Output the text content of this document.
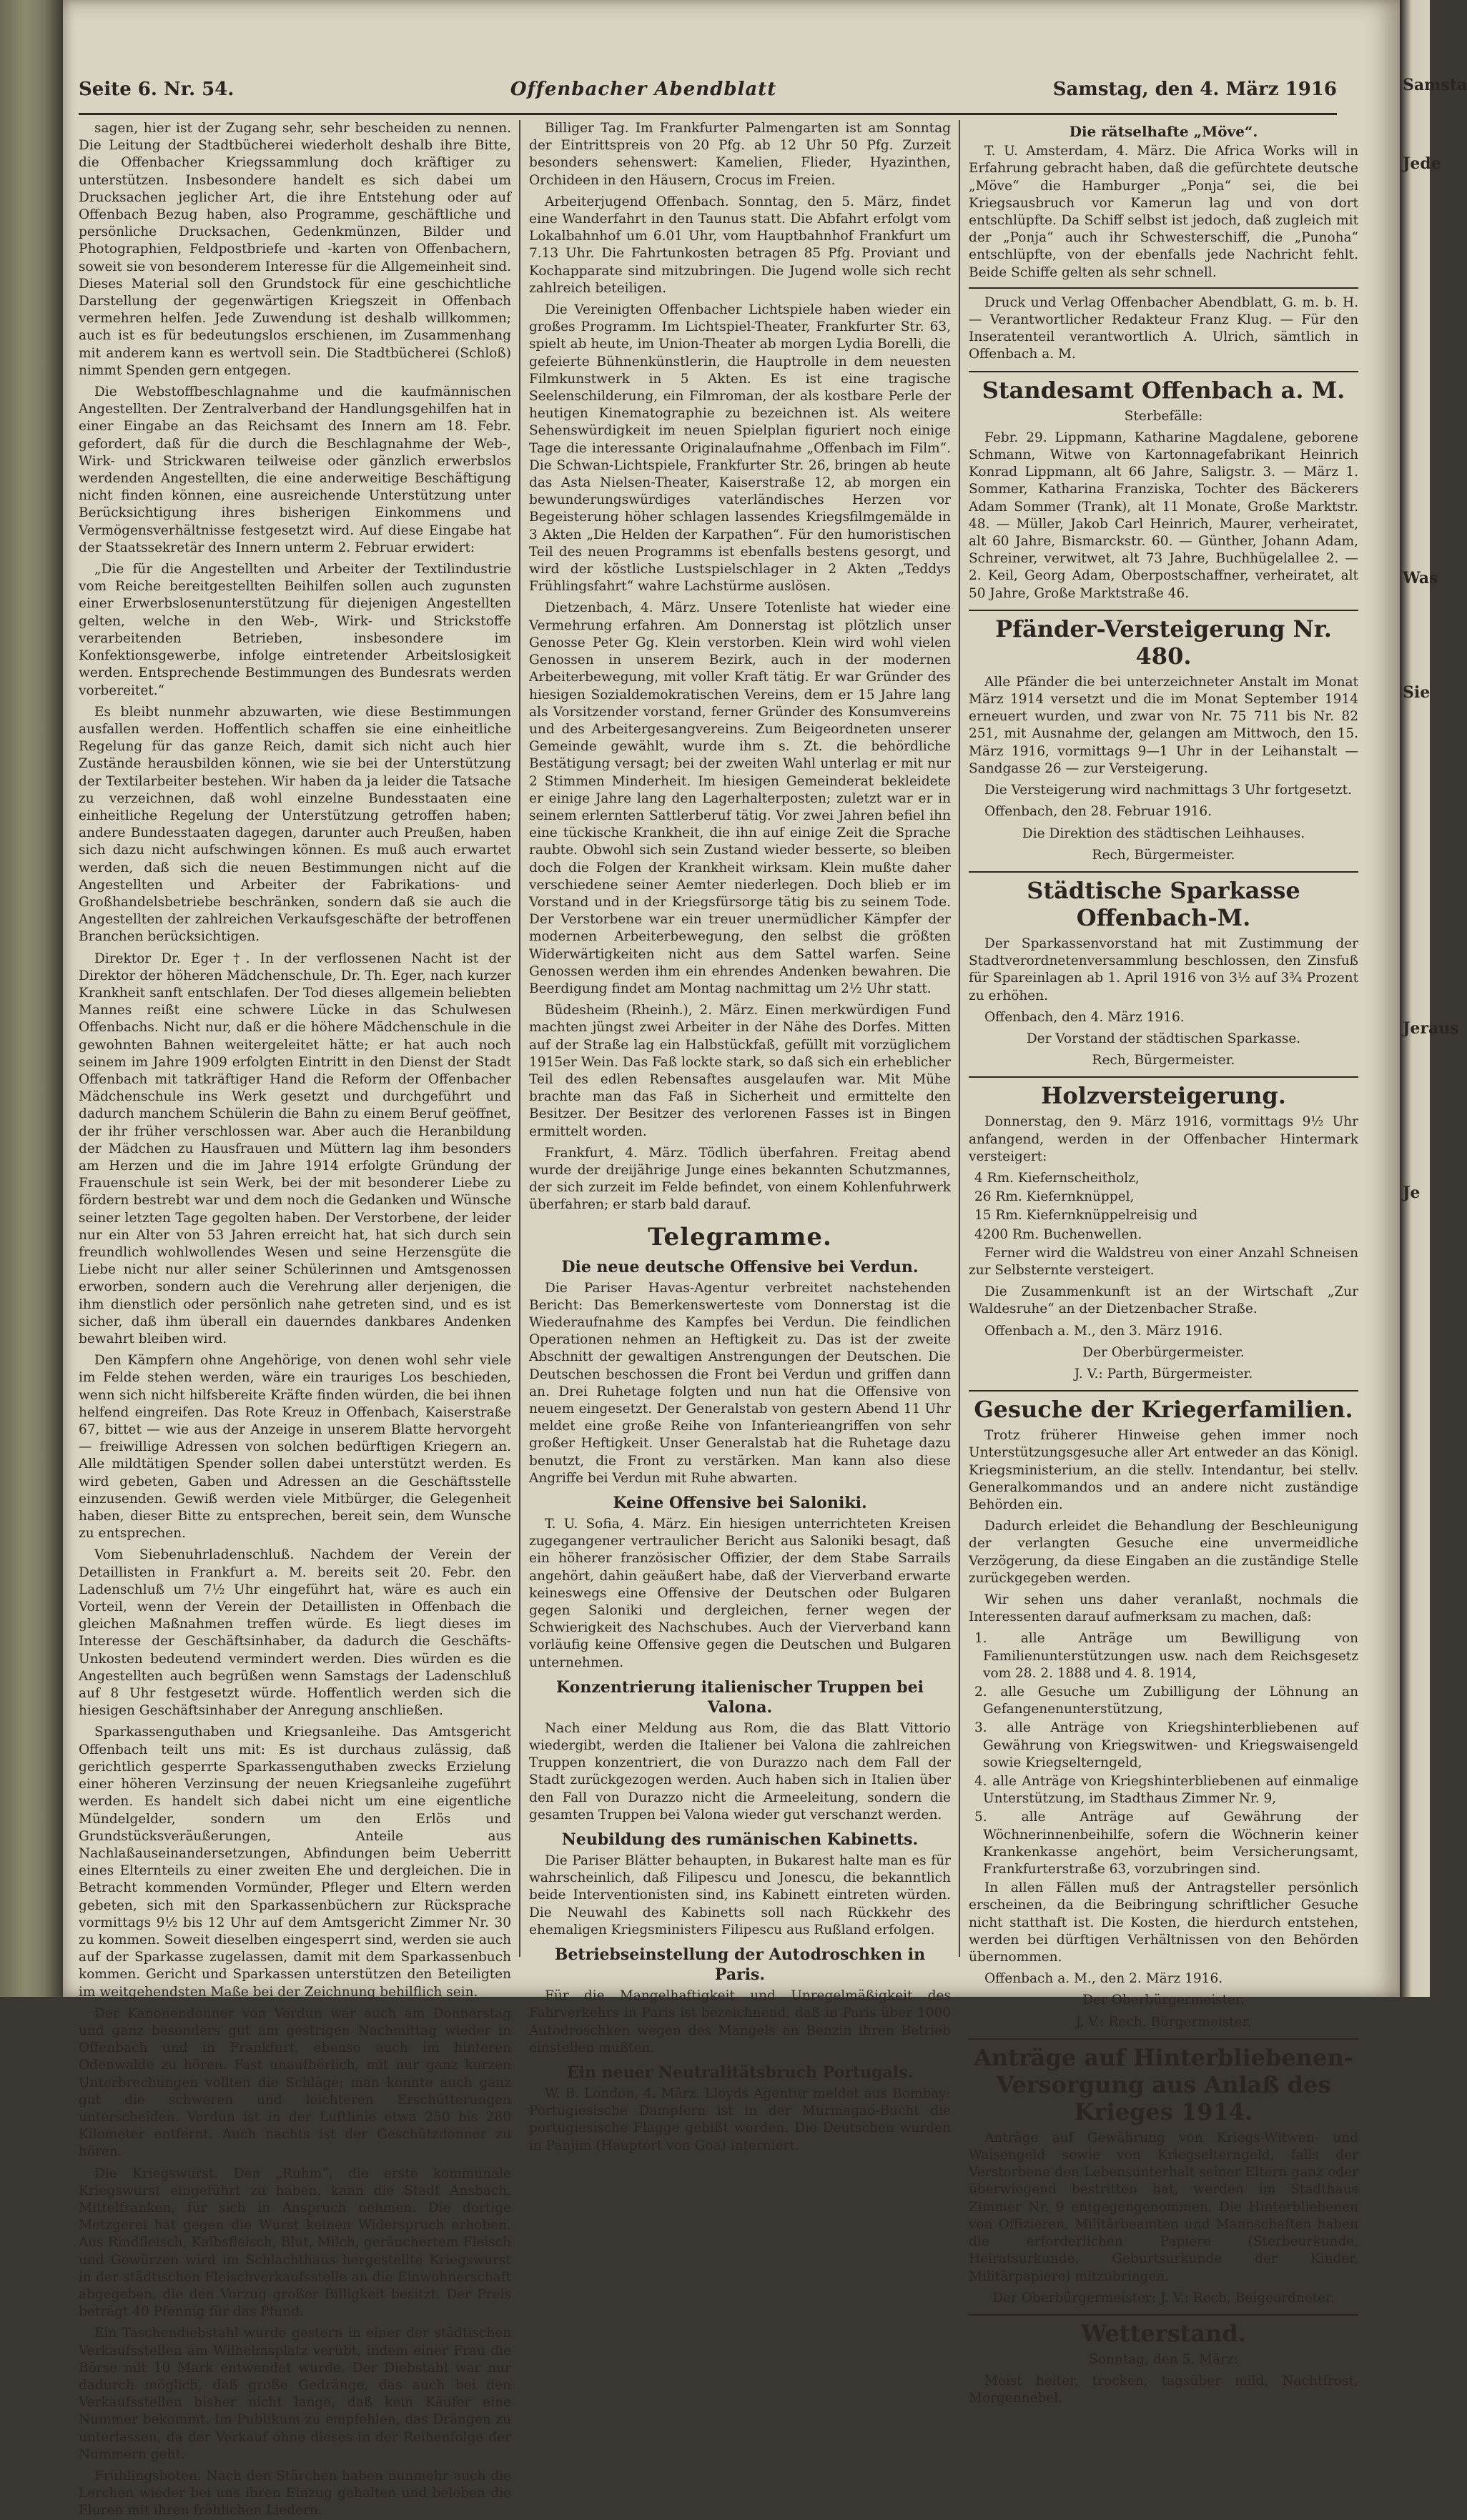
Samsta
Jede
Was
Sie
Jeraus
Je
Seite 6. Nr. 54.	Offenbacher Abendblatt	Samstag, den 4. März 1916

sagen, hier ist der Zugang sehr, sehr bescheiden zu nennen. Die Leitung der Stadtbücherei wiederholt deshalb ihre Bitte, die Offenbacher Kriegssammlung doch kräftiger zu unterstützen. Insbesondere handelt es sich dabei um Drucksachen jeglicher Art, die ihre Entstehung oder auf Offenbach Bezug haben, also Programme, geschäftliche und persönliche Drucksachen, Gedenkmünzen, Bilder und Photographien, Feldpostbriefe und -karten von Offenbachern, soweit sie von besonderem Interesse für die Allgemeinheit sind. Dieses Material soll den Grundstock für eine geschichtliche Darstellung der gegenwärtigen Kriegszeit in Offenbach vermehren helfen. Jede Zuwendung ist deshalb willkommen; auch ist es für bedeutungslos erschienen, im Zusammenhang mit anderem kann es wertvoll sein. Die Stadtbücherei (Schloß) nimmt Spenden gern entgegen.

Die Webstoffbeschlagnahme und die kaufmännischen Angestellten. Der Zentralverband der Handlungsgehilfen hat in einer Eingabe an das Reichsamt des Innern am 18. Febr. gefordert, daß für die durch die Beschlagnahme der Web-, Wirk- und Strickwaren teilweise oder gänzlich erwerbslos werdenden Angestellten, die eine anderweitige Beschäftigung nicht finden können, eine ausreichende Unterstützung unter Berücksichtigung ihres bisherigen Einkommens und Vermögensverhältnisse festgesetzt wird. Auf diese Eingabe hat der Staatssekretär des Innern unterm 2. Februar erwidert:

„Die für die Angestellten und Arbeiter der Textilindustrie vom Reiche bereitgestellten Beihilfen sollen auch zugunsten einer Erwerbslosenunterstützung für diejenigen Angestellten gelten, welche in den Web-, Wirk- und Strickstoffe verarbeitenden Betrieben, insbesondere im Konfektionsgewerbe, infolge eintretender Arbeitslosigkeit werden. Entsprechende Bestimmungen des Bundesrats werden vorbereitet.“

Es bleibt nunmehr abzuwarten, wie diese Bestimmungen ausfallen werden. Hoffentlich schaffen sie eine einheitliche Regelung für das ganze Reich, damit sich nicht auch hier Zustände herausbilden können, wie sie bei der Unterstützung der Textilarbeiter bestehen. Wir haben da ja leider die Tatsache zu verzeichnen, daß wohl einzelne Bundesstaaten eine einheitliche Regelung der Unterstützung getroffen haben; andere Bundesstaaten dagegen, darunter auch Preußen, haben sich dazu nicht aufschwingen können. Es muß auch erwartet werden, daß sich die neuen Bestimmungen nicht auf die Angestellten und Arbeiter der Fabrikations- und Großhandelsbetriebe beschränken, sondern daß sie auch die Angestellten der zahlreichen Verkaufsgeschäfte der betroffenen Branchen berücksichtigen.

Direktor Dr. Eger †. In der verflossenen Nacht ist der Direktor der höheren Mädchenschule, Dr. Th. Eger, nach kurzer Krankheit sanft entschlafen. Der Tod dieses allgemein beliebten Mannes reißt eine schwere Lücke in das Schulwesen Offenbachs. Nicht nur, daß er die höhere Mädchenschule in die gewohnten Bahnen weitergeleitet hätte; er hat auch noch seinem im Jahre 1909 erfolgten Eintritt in den Dienst der Stadt Offenbach mit tatkräftiger Hand die Reform der Offenbacher Mädchenschule ins Werk gesetzt und durchgeführt und dadurch manchem Schülerin die Bahn zu einem Beruf geöffnet, der ihr früher verschlossen war. Aber auch die Heranbildung der Mädchen zu Hausfrauen und Müttern lag ihm besonders am Herzen und die im Jahre 1914 erfolgte Gründung der Frauenschule ist sein Werk, bei der mit besonderer Liebe zu fördern bestrebt war und dem noch die Gedanken und Wünsche seiner letzten Tage gegolten haben. Der Verstorbene, der leider nur ein Alter von 53 Jahren erreicht hat, hat sich durch sein freundlich wohlwollendes Wesen und seine Herzensgüte die Liebe nicht nur aller seiner Schülerinnen und Amtsgenossen erworben, sondern auch die Verehrung aller derjenigen, die ihm dienstlich oder persönlich nahe getreten sind, und es ist sicher, daß ihm überall ein dauerndes dankbares Andenken bewahrt bleiben wird.

Den Kämpfern ohne Angehörige, von denen wohl sehr viele im Felde stehen werden, wäre ein trauriges Los beschieden, wenn sich nicht hilfsbereite Kräfte finden würden, die bei ihnen helfend eingreifen. Das Rote Kreuz in Offenbach, Kaiserstraße 67, bittet — wie aus der Anzeige in unserem Blatte hervorgeht — freiwillige Adressen von solchen bedürftigen Kriegern an. Alle mildtätigen Spender sollen dabei unterstützt werden. Es wird gebeten, Gaben und Adressen an die Geschäftsstelle einzusenden. Gewiß werden viele Mitbürger, die Gelegenheit haben, dieser Bitte zu entsprechen, bereit sein, dem Wunsche zu entsprechen.

Vom Siebenuhrladenschluß. Nachdem der Verein der Detaillisten in Frankfurt a. M. bereits seit 20. Febr. den Ladenschluß um 7½ Uhr eingeführt hat, wäre es auch ein Vorteil, wenn der Verein der Detaillisten in Offenbach die gleichen Maßnahmen treffen würde. Es liegt dieses im Interesse der Geschäftsinhaber, da dadurch die Geschäfts-Unkosten bedeutend vermindert werden. Dies würden es die Angestellten auch begrüßen wenn Samstags der Ladenschluß auf 8 Uhr festgesetzt würde. Hoffentlich werden sich die hiesigen Geschäftsinhaber der Anregung anschließen.

Sparkassenguthaben und Kriegsanleihe. Das Amtsgericht Offenbach teilt uns mit: Es ist durchaus zulässig, daß gerichtlich gesperrte Sparkassenguthaben zwecks Erzielung einer höheren Verzinsung der neuen Kriegsanleihe zugeführt werden. Es handelt sich dabei nicht um eine eigentliche Mündelgelder, sondern um den Erlös und Grundstücksveräußerungen, Anteile aus Nachlaßauseinandersetzungen, Abfindungen beim Ueberritt eines Elternteils zu einer zweiten Ehe und dergleichen. Die in Betracht kommenden Vormünder, Pfleger und Eltern werden gebeten, sich mit den Sparkassenbüchern zur Rücksprache vormittags 9½ bis 12 Uhr auf dem Amtsgericht Zimmer Nr. 30 zu kommen. Soweit dieselben eingesperrt sind, werden sie auch auf der Sparkasse zugelassen, damit mit dem Sparkassenbuch kommen. Gericht und Sparkassen unterstützen den Beteiligten im weitgehendsten Maße bei der Zeichnung behilflich sein.

Der Kanonendonner von Verdun war auch am Donnerstag und ganz besonders gut am gestrigen Nachmittag wieder in Offenbach und in Frankfurt, ebenso auch im hinteren Odenwalde zu hören. Fast unaufhörlich, mit nur ganz kurzen Unterbrechungen vollten die Schläge; man konnte auch ganz gut die schweren und leichteren Erschütterungen unterscheiden. Verdun ist in der Luftlinie etwa 250 bis 280 Kilometer entfernt. Auch nachts ist der Geschützdonner zu hören.

Die Kriegswurst. Den „Ruhm“, die erste kommunale Kriegswurst eingeführt zu haben, kann die Stadt Ansbach, Mittelfranken, für sich in Anspruch nehmen. Die dortige Metzgerei hat gegen die Wurst keinen Widerspruch erhoben. Aus Rindfleisch, Kalbsfleisch, Blut, Milch, geräuchertem Fleisch und Gewürzen wird im Schlachthaus hergestellte Kriegswurst in der städtischen Fleischverkaufsstelle an die Einwohnerschaft abgegeben, die den Vorzug großer Billigkeit besitzt. Der Preis beträgt 40 Pfennig für das Pfund.

Ein Taschendiebstahl wurde gestern in einer der städtischen Verkaufsstellen am Wilhelmsplatz verübt, indem einer Frau die Börse mit 10 Mark entwendet wurde. Der Diebstahl war nur dadurch möglich, daß große Gedränge, das auch bei den Verkaufsstellen bisher nicht lange, daß kein Käufer eine Nummer bekommt. Im Publikum zu empfehlen, das Drängen zu unterlassen, da der Verkauf ohne dieses in der Reihenfolge der Nummern geht.

Frühlingsboten. Nach den Stärchen haben nunmehr auch die Lerchen wieder bei uns ihren Einzug gehalten und beleben die Fluren mit ihren fröhlichen Liedern.

Billiger Tag. Im Frankfurter Palmengarten ist am Sonntag der Eintrittspreis von 20 Pfg. ab 12 Uhr 50 Pfg. Zurzeit besonders sehenswert: Kamelien, Flieder, Hyazinthen, Orchideen in den Häusern, Crocus im Freien.

Arbeiterjugend Offenbach. Sonntag, den 5. März, findet eine Wanderfahrt in den Taunus statt. Die Abfahrt erfolgt vom Lokalbahnhof um 6.01 Uhr, vom Hauptbahnhof Frankfurt um 7.13 Uhr. Die Fahrtunkosten betragen 85 Pfg. Proviant und Kochapparate sind mitzubringen. Die Jugend wolle sich recht zahlreich beteiligen.

Die Vereinigten Offenbacher Lichtspiele haben wieder ein großes Programm. Im Lichtspiel-Theater, Frankfurter Str. 63, spielt ab heute, im Union-Theater ab morgen Lydia Borelli, die gefeierte Bühnenkünstlerin, die Hauptrolle in dem neuesten Filmkunstwerk in 5 Akten. Es ist eine tragische Seelenschilderung, ein Filmroman, der als kostbare Perle der heutigen Kinematographie zu bezeichnen ist. Als weitere Sehenswürdigkeit im neuen Spielplan figuriert noch einige Tage die interessante Originalaufnahme „Offenbach im Film“. Die Schwan-Lichtspiele, Frankfurter Str. 26, bringen ab heute das Asta Nielsen-Theater, Kaiserstraße 12, ab morgen ein bewunderungswürdiges vaterländisches Herzen vor Begeisterung höher schlagen lassendes Kriegsfilmgemälde in 3 Akten „Die Helden der Karpathen“. Für den humoristischen Teil des neuen Programms ist ebenfalls bestens gesorgt, und wird der köstliche Lustspielschlager in 2 Akten „Teddys Frühlingsfahrt“ wahre Lachstürme auslösen.

Dietzenbach, 4. März. Unsere Totenliste hat wieder eine Vermehrung erfahren. Am Donnerstag ist plötzlich unser Genosse Peter Gg. Klein verstorben. Klein wird wohl vielen Genossen in unserem Bezirk, auch in der modernen Arbeiterbewegung, mit voller Kraft tätig. Er war Gründer des hiesigen Sozialdemokratischen Vereins, dem er 15 Jahre lang als Vorsitzender vorstand, ferner Gründer des Konsumvereins und des Arbeitergesangvereins. Zum Beigeordneten unserer Gemeinde gewählt, wurde ihm s. Zt. die behördliche Bestätigung versagt; bei der zweiten Wahl unterlag er mit nur 2 Stimmen Minderheit. Im hiesigen Gemeinderat bekleidete er einige Jahre lang den Lagerhalterposten; zuletzt war er in seinem erlernten Sattlerberuf tätig. Vor zwei Jahren befiel ihn eine tückische Krankheit, die ihn auf einige Zeit die Sprache raubte. Obwohl sich sein Zustand wieder besserte, so bleiben doch die Folgen der Krankheit wirksam. Klein mußte daher verschiedene seiner Aemter niederlegen. Doch blieb er im Vorstand und in der Kriegsfürsorge tätig bis zu seinem Tode. Der Verstorbene war ein treuer unermüdlicher Kämpfer der modernen Arbeiterbewegung, den selbst die größten Widerwärtigkeiten nicht aus dem Sattel warfen. Seine Genossen werden ihm ein ehrendes Andenken bewahren. Die Beerdigung findet am Montag nachmittag um 2½ Uhr statt.

Büdesheim (Rheinh.), 2. März. Einen merkwürdigen Fund machten jüngst zwei Arbeiter in der Nähe des Dorfes. Mitten auf der Straße lag ein Halbstückfaß, gefüllt mit vorzüglichem 1915er Wein. Das Faß lockte stark, so daß sich ein erheblicher Teil des edlen Rebensaftes ausgelaufen war. Mit Mühe brachte man das Faß in Sicherheit und ermittelte den Besitzer. Der Besitzer des verlorenen Fasses ist in Bingen ermittelt worden.

Frankfurt, 4. März. Tödlich überfahren. Freitag abend wurde der dreijährige Junge eines bekannten Schutzmannes, der sich zurzeit im Felde befindet, von einem Kohlenfuhrwerk überfahren; er starb bald darauf.

Telegramme.
Die neue deutsche Offensive bei Verdun.

Die Pariser Havas-Agentur verbreitet nachstehenden Bericht: Das Bemerkenswerteste vom Donnerstag ist die Wiederaufnahme des Kampfes bei Verdun. Die feindlichen Operationen nehmen an Heftigkeit zu. Das ist der zweite Abschnitt der gewaltigen Anstrengungen der Deutschen. Die Deutschen beschossen die Front bei Verdun und griffen dann an. Drei Ruhetage folgten und nun hat die Offensive von neuem eingesetzt. Der Generalstab von gestern Abend 11 Uhr meldet eine große Reihe von Infanterieangriffen von sehr großer Heftigkeit. Unser Generalstab hat die Ruhetage dazu benutzt, die Front zu verstärken. Man kann also diese Angriffe bei Verdun mit Ruhe abwarten.

Keine Offensive bei Saloniki.

T. U. Sofia, 4. März. Ein hiesigen unterrichteten Kreisen zugegangener vertraulicher Bericht aus Saloniki besagt, daß ein höherer französischer Offizier, der dem Stabe Sarrails angehört, dahin geäußert habe, daß der Vierverband erwarte keineswegs eine Offensive der Deutschen oder Bulgaren gegen Saloniki und dergleichen, ferner wegen der Schwierigkeit des Nachschubes. Auch der Vierverband kann vorläufig keine Offensive gegen die Deutschen und Bulgaren unternehmen.

Konzentrierung italienischer Truppen bei Valona.

Nach einer Meldung aus Rom, die das Blatt Vittorio wiedergibt, werden die Italiener bei Valona die zahlreichen Truppen konzentriert, die von Durazzo nach dem Fall der Stadt zurückgezogen werden. Auch haben sich in Italien über den Fall von Durazzo nicht die Armeeleitung, sondern die gesamten Truppen bei Valona wieder gut verschanzt werden.

Neubildung des rumänischen Kabinetts.

Die Pariser Blätter behaupten, in Bukarest halte man es für wahrscheinlich, daß Filipescu und Jonescu, die bekanntlich beide Interventionisten sind, ins Kabinett eintreten würden. Die Neuwahl des Kabinetts soll nach Rückkehr des ehemaligen Kriegsministers Filipescu aus Rußland erfolgen.

Betriebseinstellung der Autodroschken in Paris.

Für die Mangelhaftigkeit und Unregelmäßigkeit des Fahrverkehrs in Paris ist bezeichnend, daß in Paris über 1000 Autodroschken wegen des Mangels an Benzin ihren Betrieb einstellen mußten.

Ein neuer Neutralitätsbruch Portugals.

W. B. London, 4. März. Lloyds Agentur meldet aus Bombay: Portugiesische Dampfern ist in der Murmagao-Bucht die portugiesische Flagge gehißt worden. Die Deutschen wurden in Panjim (Hauptort von Goa) interniert.

Die rätselhafte „Möve“.

T. U. Amsterdam, 4. März. Die Africa Works will in Erfahrung gebracht haben, daß die gefürchtete deutsche „Möve“ die Hamburger „Ponja“ sei, die bei Kriegsausbruch vor Kamerun lag und von dort entschlüpfte. Da Schiff selbst ist jedoch, daß zugleich mit der „Ponja“ auch ihr Schwesterschiff, die „Punoha“ entschlüpfte, von der ebenfalls jede Nachricht fehlt. Beide Schiffe gelten als sehr schnell.

Druck und Verlag Offenbacher Abendblatt, G. m. b. H. — Verantwortlicher Redakteur Franz Klug. — Für den Inseratenteil verantwortlich A. Ulrich, sämtlich in Offenbach a. M.

Standesamt Offenbach a. M.

Sterbefälle:

Febr. 29. Lippmann, Katharine Magdalene, geborene Schmann, Witwe von Kartonnagefabrikant Heinrich Konrad Lippmann, alt 66 Jahre, Saligstr. 3. — März 1. Sommer, Katharina Franziska, Tochter des Bäckerers Adam Sommer (Trank), alt 11 Monate, Große Marktstr. 48. — Müller, Jakob Carl Heinrich, Maurer, verheiratet, alt 60 Jahre, Bismarckstr. 60. — Günther, Johann Adam, Schreiner, verwitwet, alt 73 Jahre, Buchhügelallee 2. — 2. Keil, Georg Adam, Oberpostschaffner, verheiratet, alt 50 Jahre, Große Marktstraße 46.

Pfänder-Versteigerung Nr. 480.

Alle Pfänder die bei unterzeichneter Anstalt im Monat März 1914 versetzt und die im Monat September 1914 erneuert wurden, und zwar von Nr. 75 711 bis Nr. 82 251, mit Ausnahme der, gelangen am Mittwoch, den 15. März 1916, vormittags 9—1 Uhr in der Leihanstalt — Sandgasse 26 — zur Versteigerung.

Die Versteigerung wird nachmittags 3 Uhr fortgesetzt.

Offenbach, den 28. Februar 1916.

Die Direktion des städtischen Leihhauses.

Rech, Bürgermeister.

Städtische Sparkasse Offenbach-M.

Der Sparkassenvorstand hat mit Zustimmung der Stadtverordnetenversammlung beschlossen, den Zinsfuß für Spareinlagen ab 1. April 1916 von 3½ auf 3¾ Prozent zu erhöhen.

Offenbach, den 4. März 1916.

Der Vorstand der städtischen Sparkasse.

Rech, Bürgermeister.

Holzversteigerung.

Donnerstag, den 9. März 1916, vormittags 9½ Uhr anfangend, werden in der Offenbacher Hintermark versteigert:

4 Rm. Kiefernscheitholz,
26 Rm. Kiefernknüppel,
15 Rm. Kiefernknüppelreisig und
4200 Rm. Buchenwellen.

Ferner wird die Waldstreu von einer Anzahl Schneisen zur Selbsternte versteigert.

Die Zusammenkunft ist an der Wirtschaft „Zur Waldesruhe“ an der Dietzenbacher Straße.

Offenbach a. M., den 3. März 1916.

Der Oberbürgermeister.

J. V.: Parth, Bürgermeister.

Gesuche der Kriegerfamilien.

Trotz früherer Hinweise gehen immer noch Unterstützungsgesuche aller Art entweder an das Königl. Kriegsministerium, an die stellv. Intendantur, bei stellv. Generalkommandos und an andere nicht zuständige Behörden ein.

Dadurch erleidet die Behandlung der Beschleunigung der verlangten Gesuche eine unvermeidliche Verzögerung, da diese Eingaben an die zuständige Stelle zurückgegeben werden.

Wir sehen uns daher veranlaßt, nochmals die Interessenten darauf aufmerksam zu machen, daß:

1. alle Anträge um Bewilligung von Familienunterstützungen usw. nach dem Reichsgesetz vom 28. 2. 1888 und 4. 8. 1914,
2. alle Gesuche um Zubilligung der Löhnung an Gefangenenunterstützung,
3. alle Anträge von Kriegshinterbliebenen auf Gewährung von Kriegswitwen- und Kriegswaisengeld sowie Kriegselterngeld,
4. alle Anträge von Kriegshinterbliebenen auf einmalige Unterstützung, im Stadthaus Zimmer Nr. 9,
5. alle Anträge auf Gewährung der Wöchnerinnenbeihilfe, sofern die Wöchnerin keiner Krankenkasse angehört, beim Versicherungsamt, Frankfurterstraße 63, vorzubringen sind.

In allen Fällen muß der Antragsteller persönlich erscheinen, da die Beibringung schriftlicher Gesuche nicht statthaft ist. Die Kosten, die hierdurch entstehen, werden bei dürftigen Verhältnissen von den Behörden übernommen.

Offenbach a. M., den 2. März 1916.

Der Oberbürgermeister.

J. V.: Rech, Bürgermeister.

Anträge auf Hinterbliebenen-Versorgung aus Anlaß des Krieges 1914.

Anträge auf Gewährung von Kriegs-Witwen- und Waisengeld sowie von Kriegselterngeld, falls der Verstorbene den Lebensunterhalt seiner Eltern ganz oder überwiegend bestritten hat, werden im Stadthaus Zimmer Nr. 9 entgegengenommen. Die Hinterbliebenen von Offizieren, Militärbeamten und Mannschaften haben die erforderlichen Papiere (Sterbeurkunde, Heiratsurkunde, Geburtsurkunde der Kinder, Militärpapiere) mitzubringen.

Der Oberbürgermeister: J. V.: Rech, Beigeordneter.

Wetterstand.

Sonntag, den 5. März:

Meist heiter, trocken, tagsüber mild, Nachtfrost, Morgennebel.
